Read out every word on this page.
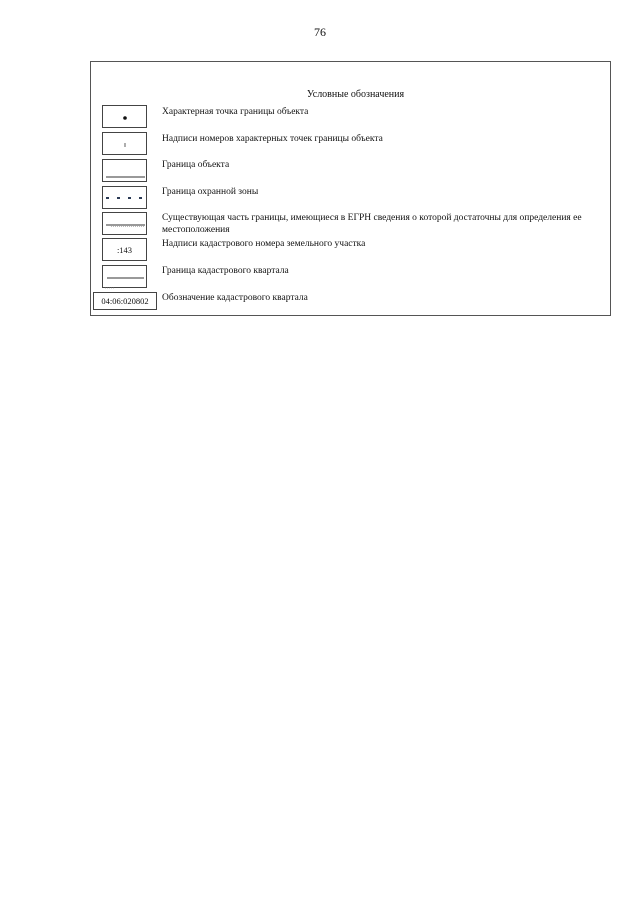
76
Условные обозначения
Характерная точка границы объекта
Надписи номеров характерных точек границы объекта
Граница объекта
Граница охранной зоны
Существующая часть границы, имеющиеся в ЕГРН сведения о которой достаточны для определения ее местоположения
:143
Надписи кадастрового номера земельного участка
Граница кадастрового квартала
04:06:020802	Обозначение кадастрового квартала
